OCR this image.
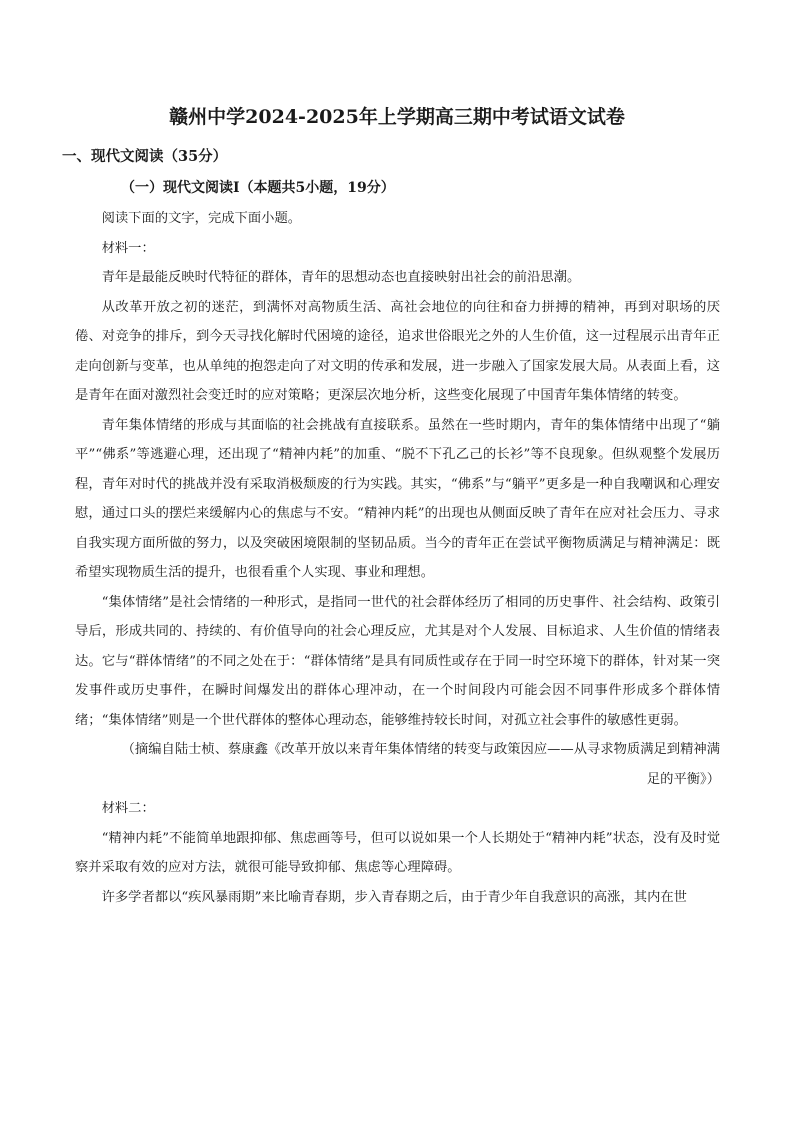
赣州中学2024-2025年上学期高三期中考试语文试卷
一、现代文阅读（35分）
（一）现代文阅读I（本题共5小题，19分）

阅读下面的文字，完成下面小题。

材料一：

青年是最能反映时代特征的群体，青年的思想动态也直接映射出社会的前沿思潮。

从改革开放之初的迷茫，到满怀对高物质生活、高社会地位的向往和奋力拼搏的精神，再到对职场的厌倦、对竞争的排斥，到今天寻找化解时代困境的途径，追求世俗眼光之外的人生价值，这一过程展示出青年正走向创新与变革，也从单纯的抱怨走向了对文明的传承和发展，进一步融入了国家发展大局。从表面上看，这是青年在面对激烈社会变迁时的应对策略；更深层次地分析，这些变化展现了中国青年集体情绪的转变。

青年集体情绪的形成与其面临的社会挑战有直接联系。虽然在一些时期内，青年的集体情绪中出现了“躺平”“佛系”等逃避心理，还出现了“精神内耗”的加重、“脱不下孔乙己的长衫”等不良现象。但纵观整个发展历程，青年对时代的挑战并没有采取消极颓废的行为实践。其实，“佛系”与“躺平”更多是一种自我嘲讽和心理安慰，通过口头的摆烂来缓解内心的焦虑与不安。“精神内耗”的出现也从侧面反映了青年在应对社会压力、寻求自我实现方面所做的努力，以及突破困境限制的坚韧品质。当今的青年正在尝试平衡物质满足与精神满足：既希望实现物质生活的提升，也很看重个人实现、事业和理想。

“集体情绪”是社会情绪的一种形式，是指同一世代的社会群体经历了相同的历史事件、社会结构、政策引导后，形成共同的、持续的、有价值导向的社会心理反应，尤其是对个人发展、目标追求、人生价值的情绪表达。它与“群体情绪”的不同之处在于：“群体情绪”是具有同质性或存在于同一时空环境下的群体，针对某一突发事件或历史事件，在瞬时间爆发出的群体心理冲动，在一个时间段内可能会因不同事件形成多个群体情绪；“集体情绪”则是一个世代群体的整体心理动态，能够维持较长时间，对孤立社会事件的敏感性更弱。

（摘编自陆士桢、蔡康鑫《改革开放以来青年集体情绪的转变与政策因应——从寻求物质满足到精神满足的平衡》）

材料二：

“精神内耗”不能简单地跟抑郁、焦虑画等号，但可以说如果一个人长期处于“精神内耗”状态，没有及时觉察并采取有效的应对方法，就很可能导致抑郁、焦虑等心理障碍。

许多学者都以“疾风暴雨期”来比喻青春期，步入青春期之后，由于青少年自我意识的高涨，其内在世
